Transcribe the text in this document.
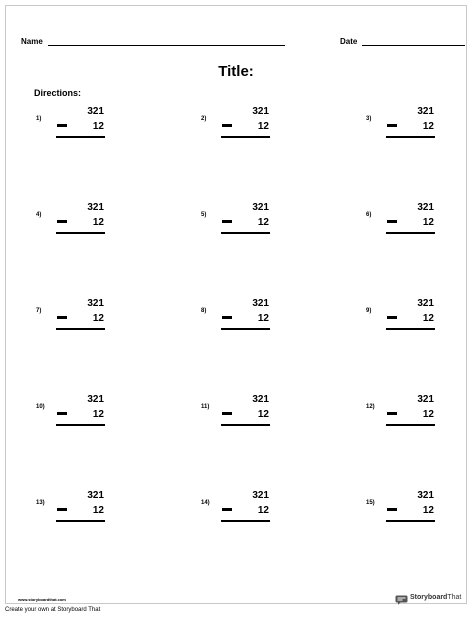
Name	Date
Title:
Directions:
1)
321
12
2)
321
12
3)
321
12
4)
321
12
5)
321
12
6)
321
12
7)
321
12
8)
321
12
9)
321
12
10)
321
12
11)
321
12
12)
321
12
13)
321
12
14)
321
12
15)
321
12
www.storyboardthat.com	StoryboardThat
Create your own at Storyboard That
